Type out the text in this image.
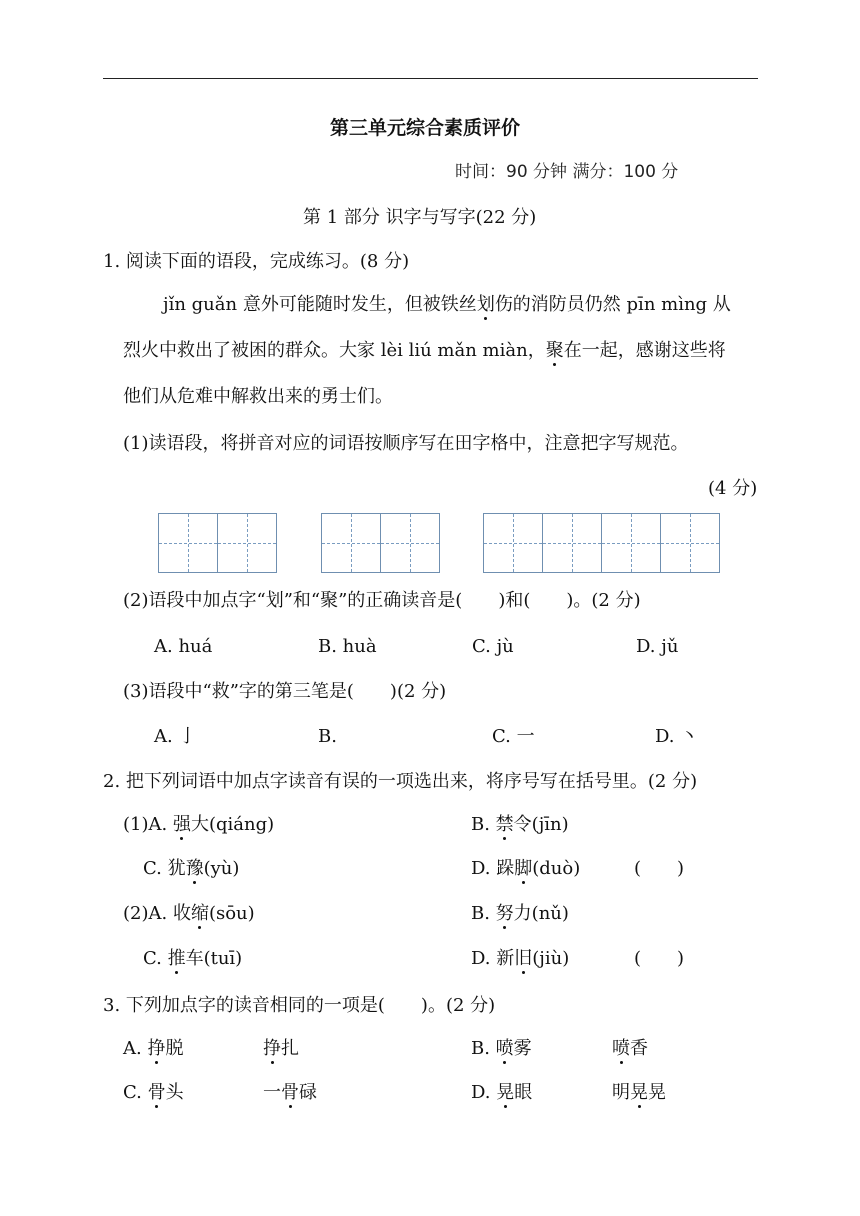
第三单元综合素质评价
时间：90 分钟 满分：100 分
第 1 部分 识字与写字(22 分)
1. 阅读下面的语段，完成练习。(8 分)
jǐn guǎn 意外可能随时发生，但被铁丝划伤的消防员仍然 pīn mìng 从
烈火中救出了被困的群众。大家 lèi liú mǎn miàn，聚在一起，感谢这些将
他们从危难中解救出来的勇士们。
(1)读语段，将拼音对应的词语按顺序写在田字格中，注意把字写规范。
(4 分)
(2)语段中加点字“划”和“聚”的正确读音是(　　)和(　　)。(2 分)
A. huá	B. huà	C. jù	D. jǔ
(3)语段中“救”字的第三笔是(　　)(2 分)
A. 亅	B.	C. 一	D. 丶
2. 把下列词语中加点字读音有误的一项选出来，将序号写在括号里。(2 分)
(1)A. 强大(qiáng)	B. 禁令(jīn)
C. 犹豫(yù)	D. 跺脚(duò)	(　　)
(2)A. 收缩(sōu)	B. 努力(nǔ)
C. 推车(tuī)	D. 新旧(jiù)	(　　)
3. 下列加点字的读音相同的一项是(　　)。(2 分)
A. 挣脱	挣扎	B. 喷雾	喷香
C. 骨头	一骨碌	D. 晃眼	明晃晃
